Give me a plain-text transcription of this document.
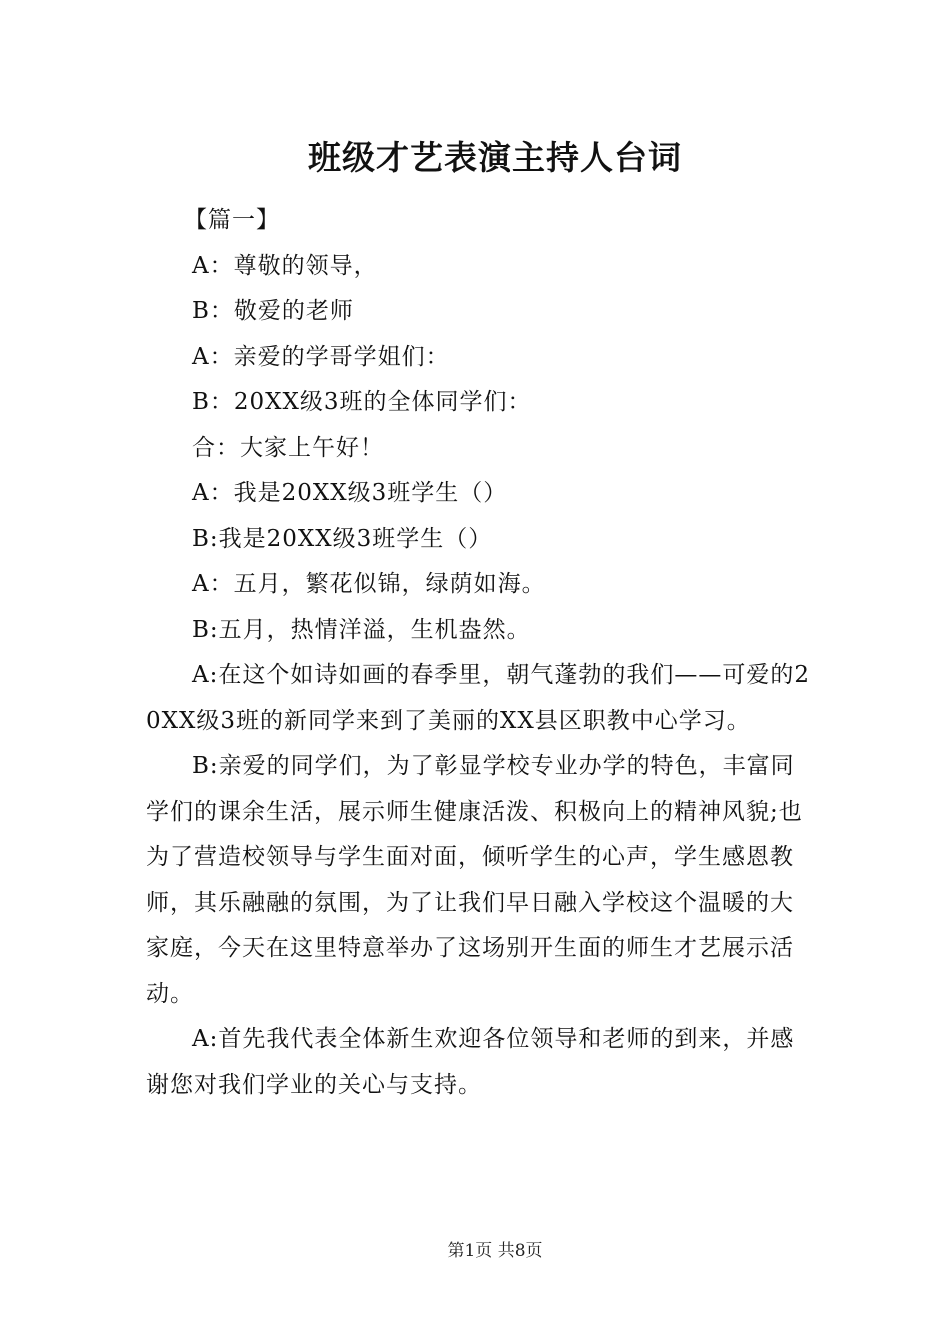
班级才艺表演主持人台词

【篇一】

A：尊敬的领导，

B：敬爱的老师

A：亲爱的学哥学姐们：

B：20XX级3班的全体同学们：

合：大家上午好！

A：我是20XX级3班学生（）

B:我是20XX级3班学生（）

A：五月，繁花似锦，绿荫如海。

B:五月，热情洋溢，生机盎然。

A:在这个如诗如画的春季里，朝气蓬勃的我们——可爱的20XX级3班的新同学来到了美丽的XX县区职教中心学习。

B:亲爱的同学们，为了彰显学校专业办学的特色，丰富同学们的课余生活，展示师生健康活泼、积极向上的精神风貌;也为了营造校领导与学生面对面，倾听学生的心声，学生感恩教师，其乐融融的氛围，为了让我们早日融入学校这个温暖的大家庭，今天在这里特意举办了这场别开生面的师生才艺展示活动。

A:首先我代表全体新生欢迎各位领导和老师的到来，并感谢您对我们学业的关心与支持。

第1页 共8页
